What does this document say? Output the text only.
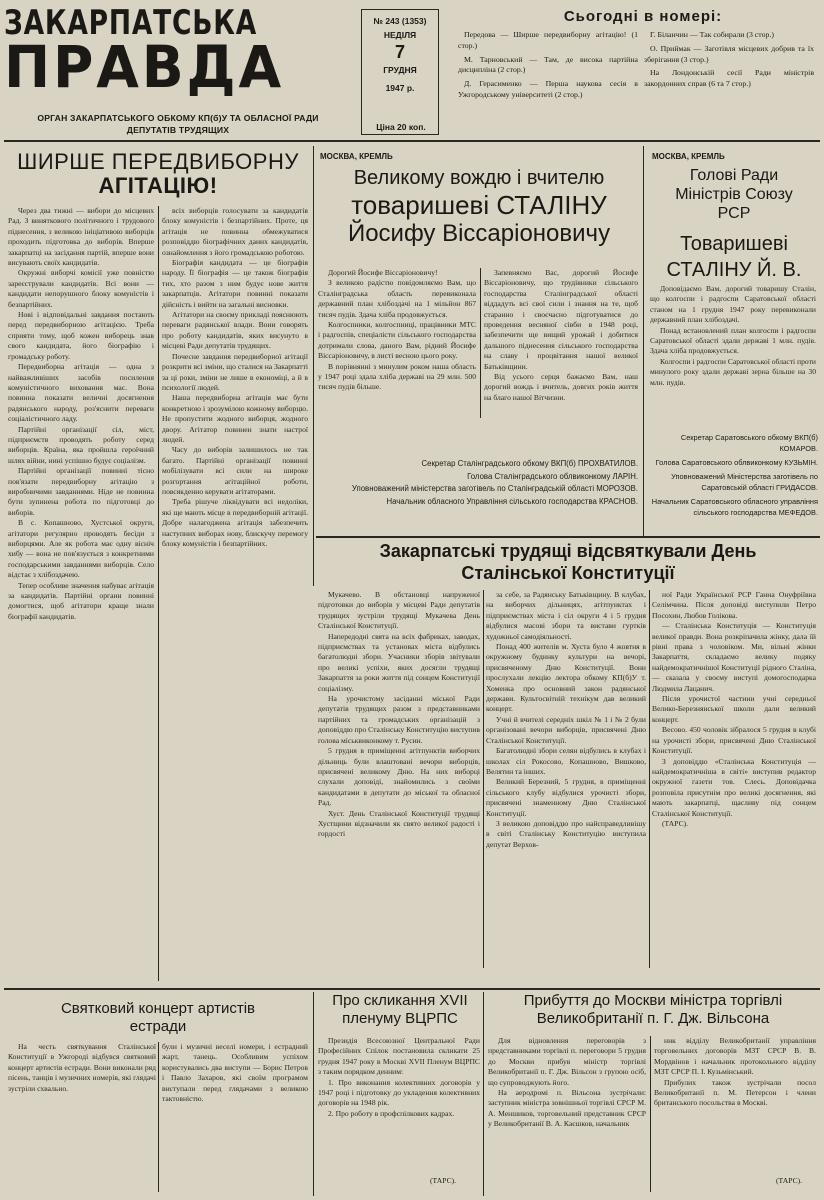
ЗАКАРПАТСЬКА
ПРАВДА
ОРГАН ЗАКАРПАТСЬКОГО ОБКОМУ КП(б)У ТА ОБЛАСНОЇ РАДИ
ДЕПУТАТІВ ТРУДЯЩИХ
№ 243 (1353)
НЕДІЛЯ
7
ГРУДНЯ
1947 р.
Ціна 20 коп.
Сьогодні в номері:
Передова — Ширше передвиборну агітацію! (1 стор.)
М. Тарновський — Там, де висока партійна дисципліна (2 стор.)
Д. Герасименко — Перша наукова сесія в Ужгородському університеті (2 стор.)
Г. Біланчин — Так собирали (3 стор.)
О. Приймак — Заготівля місцевих добрив та їх зберігання (3 стор.)
На Лондонській сесії Ради міністрів закордонних справ (6 та 7 стор.)
ШИРШЕ ПЕРЕДВИБОРНУ
АГІТАЦІЮ!

Через два тижні — вибори до місцевих Рад. З виняткового політичного і трудового піднесення, з великою ініціативою виборців проходить підготовка до виборів. Вперше закарпатці на засідання партій, вперше вони висувають своїх кандидатів.

Окружні виборчі комісії уже повністю зареєстрували кандидатів. Всі вони — кандидати непорушного блоку комуністів і безпартійних.

Нові і відповідальні завдання постають перед передвиборною агітацією. Треба сприяти тому, щоб кожен виборець знав свого кандидата, його біографію і громадську роботу.

Передвиборна агітація — одна з найважливіших засобів посилення комуністичного виховання мас. Вона повинна показати величні досягнення радянського народу, роз'яснити переваги соціалістичного ладу.

Партійні організації сіл, міст, підприємств проводять роботу серед виборців. Країна, яка пройшла героїчний шлях війни, нині успішно будує соціалізм.

Партійні організації повинні тісно пов'язати передвиборну агітацію з виробничими завданнями. Ніде не повинна бути зупинена робота по підготовці до виборів.

В с. Копашново, Хустської округи, агітатори регулярно проводять бесіди з виборцями. Але як робота має одну вісніч хибу — вона не пов'язується з конкретними господарськими завданнями виборців. Село відстає з хлібоздачею.

Тепер особливе значення набуває агітація за кандидатів. Партійні органи повинні домогтися, щоб агітатори краще знали біографії кандидатів.

всіх виборців голосувати за кандидатів блоку комуністів і безпартійних. Проте, ця агітація не повинна обмежуватися розповіддю біографічних даних кандидатів, ознайомлення з його громадською роботою.

Біографія кандидата — це біографія народу. Її біографія — це також біографія тих, хто разом з ним будує нове життя закарпатців. Агітатори повинні показати дійсність і вийти на загальні висновки.

Агітатори на своєму прикладі пояснюють переваги радянської влади. Вони говорять про роботу кандидатів, яких висунуто в місцеві Ради депутатів трудящих.

Почесне завдання передвиборної агітації розкрити всі зміни, що сталися на Закарпатті за ці роки, зміни не лише в економіці, а й в психології людей.

Наша передвиборна агітація має бути конкретною і зрозумілою кожному виборцю. Не пропустити жодного виборця, жодного двору. Агітатор повинен знати настрої людей.

Часу до виборів залишилось не так багато. Партійні організації повинні мобілізувати всі сили на широке розгортання агітаційної роботи, повсякденно керувати агітаторами.

Треба рішуче ліквідувати всі недоліки, які ще мають місце в передвиборній агітації. Добре налагоджена агітація забезпечить наступних виборах нову, блискучу перемогу блоку комуністів і безпартійних.

МОСКВА, КРЕМЛЬ
Великому вождю і вчителю
товаришеві СТАЛІНУ
Йосифу Віссаріоновичу

Дорогий Йосифе Віссаріоновичу!

З великою радістю повідомляємо Вам, що Сталінградська область перевиконала державний план хлібоздачі на 1 мільйон 867 тисяч пудів. Здача хліба продовжується.

Колгоспники, колгоспниці, працівники МТС і радгоспів, спеціалісти сільського господарства дотримали слова, даного Вам, рідний Йосифе Віссаріоновичу, в листі весною цього року.

В порівнянні з минулим роком наша область у 1947 році здала хліба державі на 29 млн. 500 тисяч пудів більше.

Запевняємо Вас, дорогий Йосифе Віссаріоновичу, що трудівники сільського господарства Сталінградської області віддадуть всі свої сили і знання на те, щоб старанно і своєчасно підготуватися до проведення весняної сівби в 1948 році, забезпечити ще вищий урожай і добитися дальшого піднесення сільського господарства на славу і процвітання нашої великої Батьківщини.

Від усього серця бажаємо Вам, наш дорогий вождь і вчитель, довгих років життя на благо нашої Вітчизни.

Секретар Сталінградського обкому ВКП(б) ПРОХВАТИЛОВ.
Голова Сталінградського облвиконкому ЛАРІН.
Уповноважений міністерства заготівель по Сталінградській області МОРОЗОВ.
Начальник обласного Управління сільського господарства КРАСНОВ.
МОСКВА, КРЕМЛЬ
Голові Ради
Міністрів Союзу
РСР
Товаришеві
СТАЛІНУ Й. В.

Доповідаємо Вам, дорогий товаришу Сталін, що колгоспи і радгоспи Саратовської області станом на 1 грудня 1947 року перевиконали державний план хлібоздачі.

Понад встановлений план колгоспи і радгоспи Саратовської області здали державі 1 млн. пудів. Здача хліба продовжується.

Колгоспи і радгоспи Саратовської області проти минулого року здали державі зерна більше на 30 млн. пудів.

Секретар Саратовського обкому ВКП(б) КОМАРОВ.
Голова Саратовського облвиконкому КУЗЬМІН.
Уповноважений Міністерства заготівель по Саратовській області ГРИДАСОВ.
Начальник Саратовського обласного управління сільського господарства МЕФЕДОВ.
Закарпатські трудящі відсвяткували День
Сталінської Конституції

Мукачево. В обстановці напруженої підготовки до виборів у місцеві Ради депутатів трудящих зустріли трудящі Мукачева День Сталінської Конституції.

Напередодні свята на всіх фабриках, заводах, підприємствах та установах міста відбулись багатолюдні збори. Учасники зборів звітували про великі успіхи, яких досягли трудящі Закарпаття за роки життя під сонцем Конституції соціалізму.

На урочистому засіданні міської Ради депутатів трудящих разом з представниками партійних та громадських організацій з доповіддю про Сталінську Конституцію виступив голова міськвиконкому т. Русин.

5 грудня в приміщенні агітпунктів виборчих дільниць були влаштовані вечори виборців, присвячені великому Дню. На них виборці слухали доповіді, знайомились з своїми кандидатами в депутати до міської та обласної Рад.

Хуст. День Сталінської Конституції трудящі Хустщини відзначили як свято великої радості і гордості

за себе, за Радянську Батьківщину. В клубах, на виборчих дільницях, агітпунктах і підприємствах міста і сіл округи 4 і 5 грудня відбулися масові збори та вистави гуртків художньої самодіяльності.

Понад 400 жителів м. Хуста було 4 жовтня в окружному будинку культури на вечорі, присвяченому Дню Конституції. Вони прослухали лекцію лектора обкому КП(б)У т. Хоменка про основний закон радянської держави. Культосвітній технікум дав великий концерт.

Учні й вчителі середніх шкіл № 1 і № 2 були організовані вечори виборців, присвячені Дню Сталінської Конституції.

Багатолюдні збори селян відбулись в клубах і школах сіл Рокосово, Копашново, Вишково, Велятин та інших.

Великий Березний, 5 грудня, в приміщенні сільського клубу відбулися урочисті збори, присвячені знаменному Дню Сталінської Конституції.

З великою доповіддю про найсправедливішу в світі Сталінську Конституцію виступила депутат Верхов-

ної Ради Української РСР Ганна Онуфріївна Селімчина. Після доповіді виступили Петро Посохин, Любов Голікова.

— Сталінська Конституція — Конституція великої правди. Вона розкріпачила жінку, дала їй рівні права з чоловіком. Ми, вільні жінки Закарпаття, складаємо велику подяку найдемократичнішої Конституції рідного Сталіна, — сказала у своєму виступі домогосподарка Людмила Лацанич.

Після урочистої частини учні середньої Велико-Березнянської школи дали великий концерт.

Весово. 450 чоловік зібралося 5 грудня в клубі на урочисті збори, присвячені Дню Сталінської Конституції.

З доповіддю «Сталінська Конституція — найдемократичніша в світі» виступив редактор окружної газети тов. Слесь. Доповідачка розповіла присутнім про великі досягнення, які мають закарпатці, щасливу під сонцем Сталінської Конституції.

(ТАРС).

Святковий концерт артистів
естради

На честь святкування Сталінської Конституції в Ужгороді відбувся святковий концерт артистів естради. Вони виконали ряд пісень, танців і музичних номерів, які глядачі зустріли схвально.

були і музичні веселі номери, і естрадний жарт, танець. Особливим успіхом користувались два виступи — Борис Петров і Павло Захаров, які своїм програмом виступали перед глядачами з великою тактовністю.

Про скликання XVII
пленуму ВЦРПС

Президія Всесоюзної Центральної Ради Професійних Спілок постановила скликати 25 грудня 1947 року в Москві XVII Пленум ВЦРПС з таким порядком денним:

1. Про виконання колективних договорів у 1947 році і підготовку до укладення колективних договорів на 1948 рік.

2. Про роботу в профспілкових кадрах.

(ТАРС).
Прибуття до Москви міністра торгівлі
Великобританії п. Г. Дж. Вільсона

Для відновлення переговорів з представниками торгівлі п. переговори 5 грудня до Москви прибув міністр торгівлі Великобританії п. Г. Дж. Вільсон з групою осіб, що супроводжують його.

На аеродромі п. Вільсона зустрічали: заступник міністра зовнішньої торгівлі СРСР М. А. Меншиков, торговельний представник СРСР у Великобританії В. А. Каєшков, начальник

ник відділу Великобританії управління торговельних договорів МЗТ СРСР В. В. Мордвінов і начальник протокольного відділу МЗТ СРСР П. І. Кузьмінський.

Прибулих також зустрічали посол Великобританії п. М. Петерсон і члени британського посольства в Москві.

(ТАРС).
